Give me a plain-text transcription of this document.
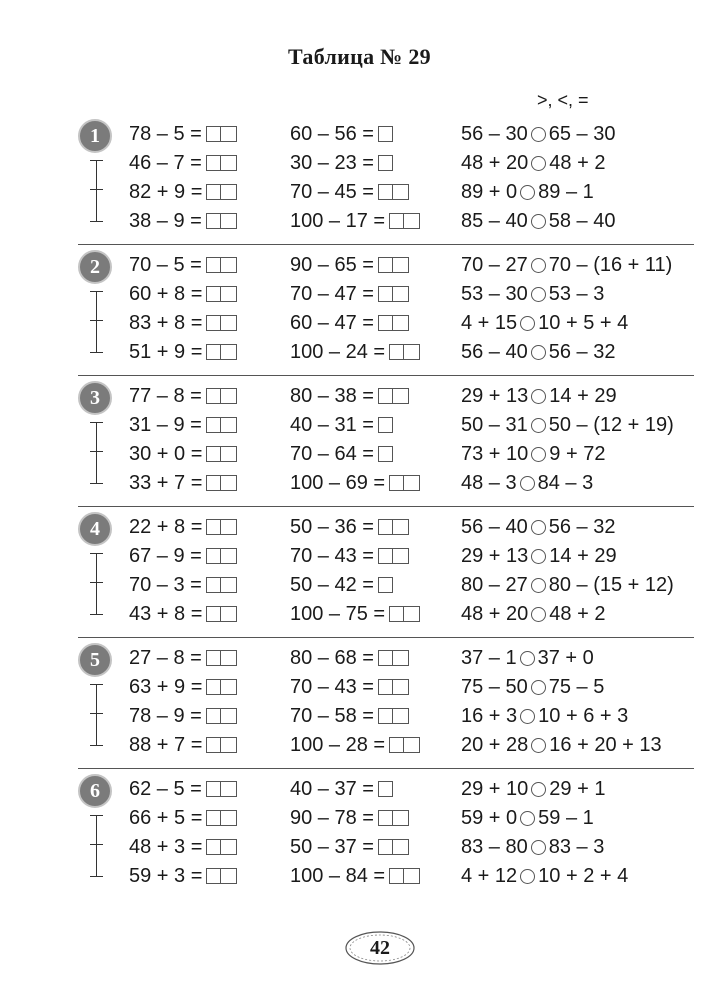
Таблица № 29
>, <, =
1 78 – 5 =	60 – 56 =	56 – 30 65 – 30
46 – 7 =	30 – 23 =	48 + 20 48 + 2
82 + 9 =	70 – 45 =	89 + 0 89 – 1
38 – 9 =	100 – 17 =	85 – 40 58 – 40
2 70 – 5 =	90 – 65 =	70 – 27 70 – (16 + 11)
60 + 8 =	70 – 47 =	53 – 30 53 – 3
83 + 8 =	60 – 47 =	4 + 15 10 + 5 + 4
51 + 9 =	100 – 24 =	56 – 40 56 – 32
3 77 – 8 =	80 – 38 =	29 + 13 14 + 29
31 – 9 =	40 – 31 =	50 – 31 50 – (12 + 19)
30 + 0 =	70 – 64 =	73 + 10 9 + 72
33 + 7 =	100 – 69 =	48 – 3 84 – 3
4 22 + 8 =	50 – 36 =	56 – 40 56 – 32
67 – 9 =	70 – 43 =	29 + 13 14 + 29
70 – 3 =	50 – 42 =	80 – 27 80 – (15 + 12)
43 + 8 =	100 – 75 =	48 + 20 48 + 2
5 27 – 8 =	80 – 68 =	37 – 1 37 + 0
63 + 9 =	70 – 43 =	75 – 50 75 – 5
78 – 9 =	70 – 58 =	16 + 3 10 + 6 + 3
88 + 7 =	100 – 28 =	20 + 28 16 + 20 + 13
6 62 – 5 =	40 – 37 =	29 + 10 29 + 1
66 + 5 =	90 – 78 =	59 + 0 59 – 1
48 + 3 =	50 – 37 =	83 – 80 83 – 3
59 + 3 =	100 – 84 =	4 + 12 10 + 2 + 4
42
